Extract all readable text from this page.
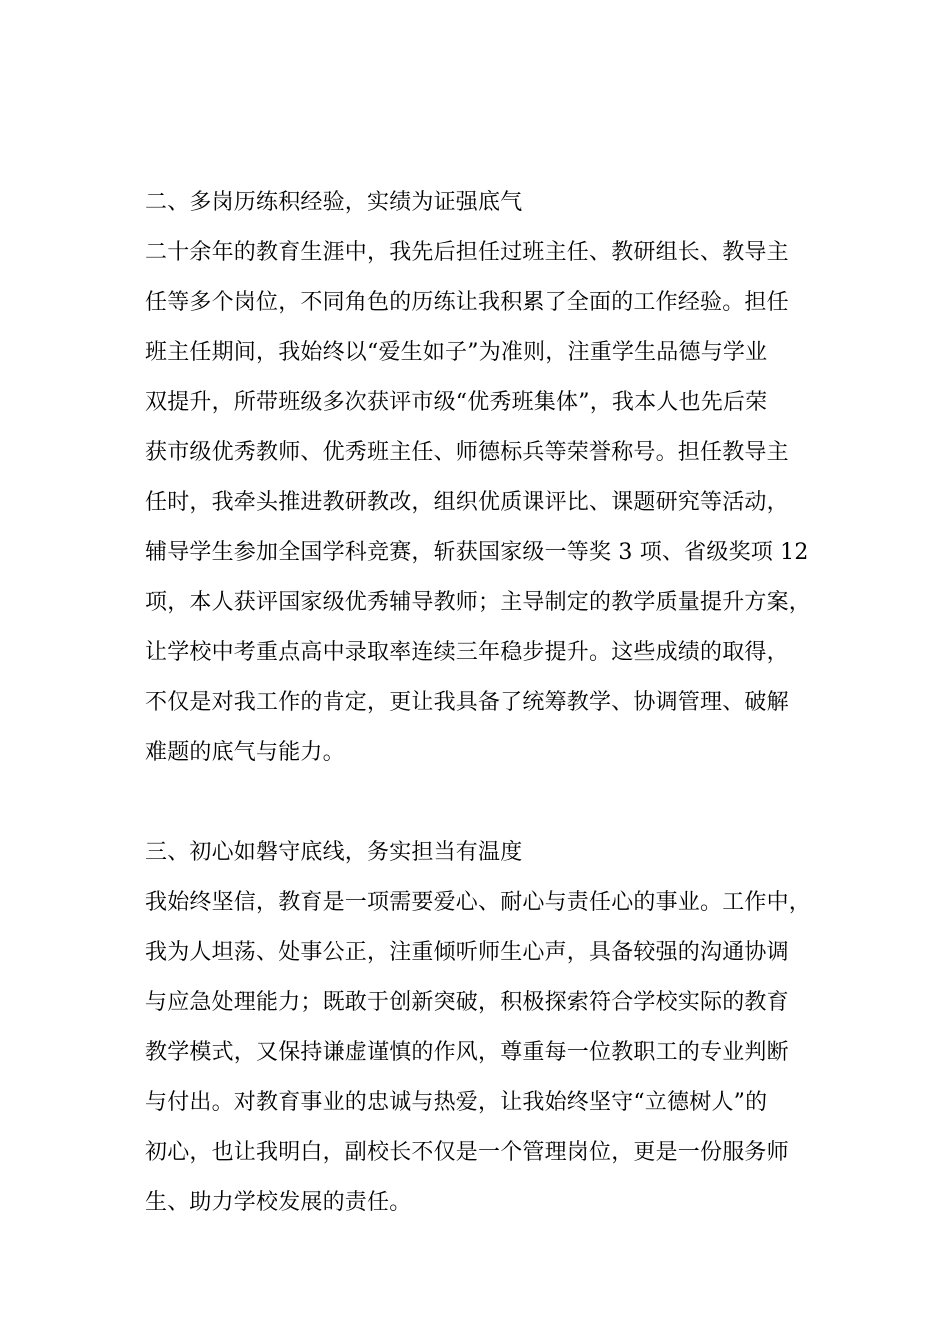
二、多岗历练积经验，实绩为证强底气
二十余年的教育生涯中，我先后担任过班主任、教研组长、教导主
任等多个岗位，不同角色的历练让我积累了全面的工作经验。担任
班主任期间，我始终以“爱生如子”为准则，注重学生品德与学业
双提升，所带班级多次获评市级“优秀班集体”，我本人也先后荣
获市级优秀教师、优秀班主任、师德标兵等荣誉称号。担任教导主
任时，我牵头推进教研教改，组织优质课评比、课题研究等活动，
辅导学生参加全国学科竞赛，斩获国家级一等奖 3 项、省级奖项 12
项，本人获评国家级优秀辅导教师；主导制定的教学质量提升方案，
让学校中考重点高中录取率连续三年稳步提升。这些成绩的取得，
不仅是对我工作的肯定，更让我具备了统筹教学、协调管理、破解
难题的底气与能力。
三、初心如磐守底线，务实担当有温度
我始终坚信，教育是一项需要爱心、耐心与责任心的事业。工作中，
我为人坦荡、处事公正，注重倾听师生心声，具备较强的沟通协调
与应急处理能力；既敢于创新突破，积极探索符合学校实际的教育
教学模式，又保持谦虚谨慎的作风，尊重每一位教职工的专业判断
与付出。对教育事业的忠诚与热爱，让我始终坚守“立德树人”的
初心，也让我明白，副校长不仅是一个管理岗位，更是一份服务师
生、助力学校发展的责任。
